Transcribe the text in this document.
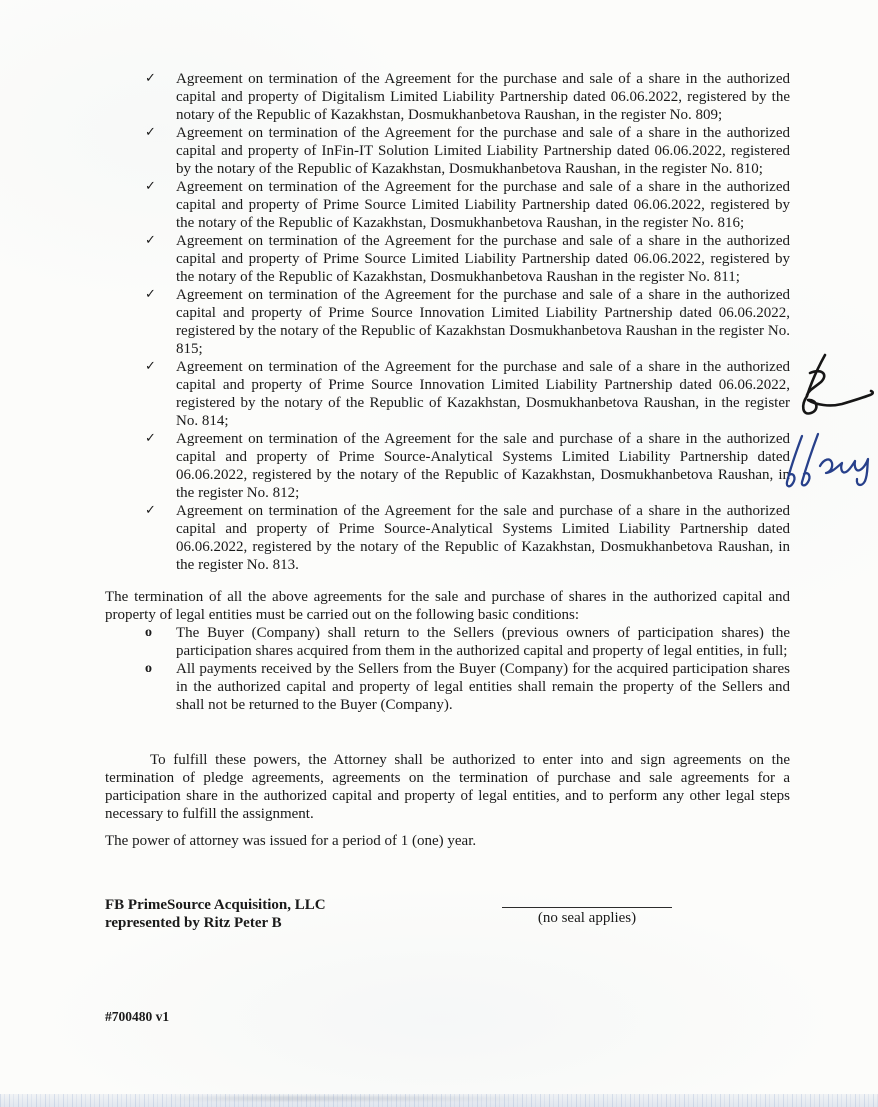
✓ Agreement on termination of the Agreement for the purchase and sale of a share in the authorized capital and property of Digitalism Limited Liability Partnership dated 06.06.2022, registered by the notary of the Republic of Kazakhstan, Dosmukhanbetova Raushan, in the register No. 809;
✓ Agreement on termination of the Agreement for the purchase and sale of a share in the authorized capital and property of InFin-IT Solution Limited Liability Partnership dated 06.06.2022, registered by the notary of the Republic of Kazakhstan, Dosmukhanbetova Raushan, in the register No. 810;
✓ Agreement on termination of the Agreement for the purchase and sale of a share in the authorized capital and property of Prime Source Limited Liability Partnership dated 06.06.2022, registered by the notary of the Republic of Kazakhstan, Dosmukhanbetova Raushan, in the register No. 816;
✓ Agreement on termination of the Agreement for the purchase and sale of a share in the authorized capital and property of Prime Source Limited Liability Partnership dated 06.06.2022, registered by the notary of the Republic of Kazakhstan, Dosmukhanbetova Raushan in the register No. 811;
✓ Agreement on termination of the Agreement for the purchase and sale of a share in the authorized capital and property of Prime Source Innovation Limited Liability Partnership dated 06.06.2022, registered by the notary of the Republic of Kazakhstan Dosmukhanbetova Raushan in the register No. 815;
✓ Agreement on termination of the Agreement for the purchase and sale of a share in the authorized capital and property of Prime Source Innovation Limited Liability Partnership dated 06.06.2022, registered by the notary of the Republic of Kazakhstan, Dosmukhanbetova Raushan, in the register No. 814;
✓ Agreement on termination of the Agreement for the sale and purchase of a share in the authorized capital and property of Prime Source-Analytical Systems Limited Liability Partnership dated 06.06.2022, registered by the notary of the Republic of Kazakhstan, Dosmukhanbetova Raushan, in the register No. 812;
✓ Agreement on termination of the Agreement for the sale and purchase of a share in the authorized capital and property of Prime Source-Analytical Systems Limited Liability Partnership dated 06.06.2022, registered by the notary of the Republic of Kazakhstan, Dosmukhanbetova Raushan, in the register No. 813.

The termination of all the above agreements for the sale and purchase of shares in the authorized capital and property of legal entities must be carried out on the following basic conditions:

o The Buyer (Company) shall return to the Sellers (previous owners of participation shares) the participation shares acquired from them in the authorized capital and property of legal entities, in full;
o All payments received by the Sellers from the Buyer (Company) for the acquired participation shares in the authorized capital and property of legal entities shall remain the property of the Sellers and shall not be returned to the Buyer (Company).

To fulfill these powers, the Attorney shall be authorized to enter into and sign agreements on the termination of pledge agreements, agreements on the termination of purchase and sale agreements for a participation share in the authorized capital and property of legal entities, and to perform any other legal steps necessary to fulfill the assignment.

The power of attorney was issued for a period of 1 (one) year.

FB PrimeSource Acquisition, LLC
represented by Ritz Peter B	(no seal applies)
#700480 v1
